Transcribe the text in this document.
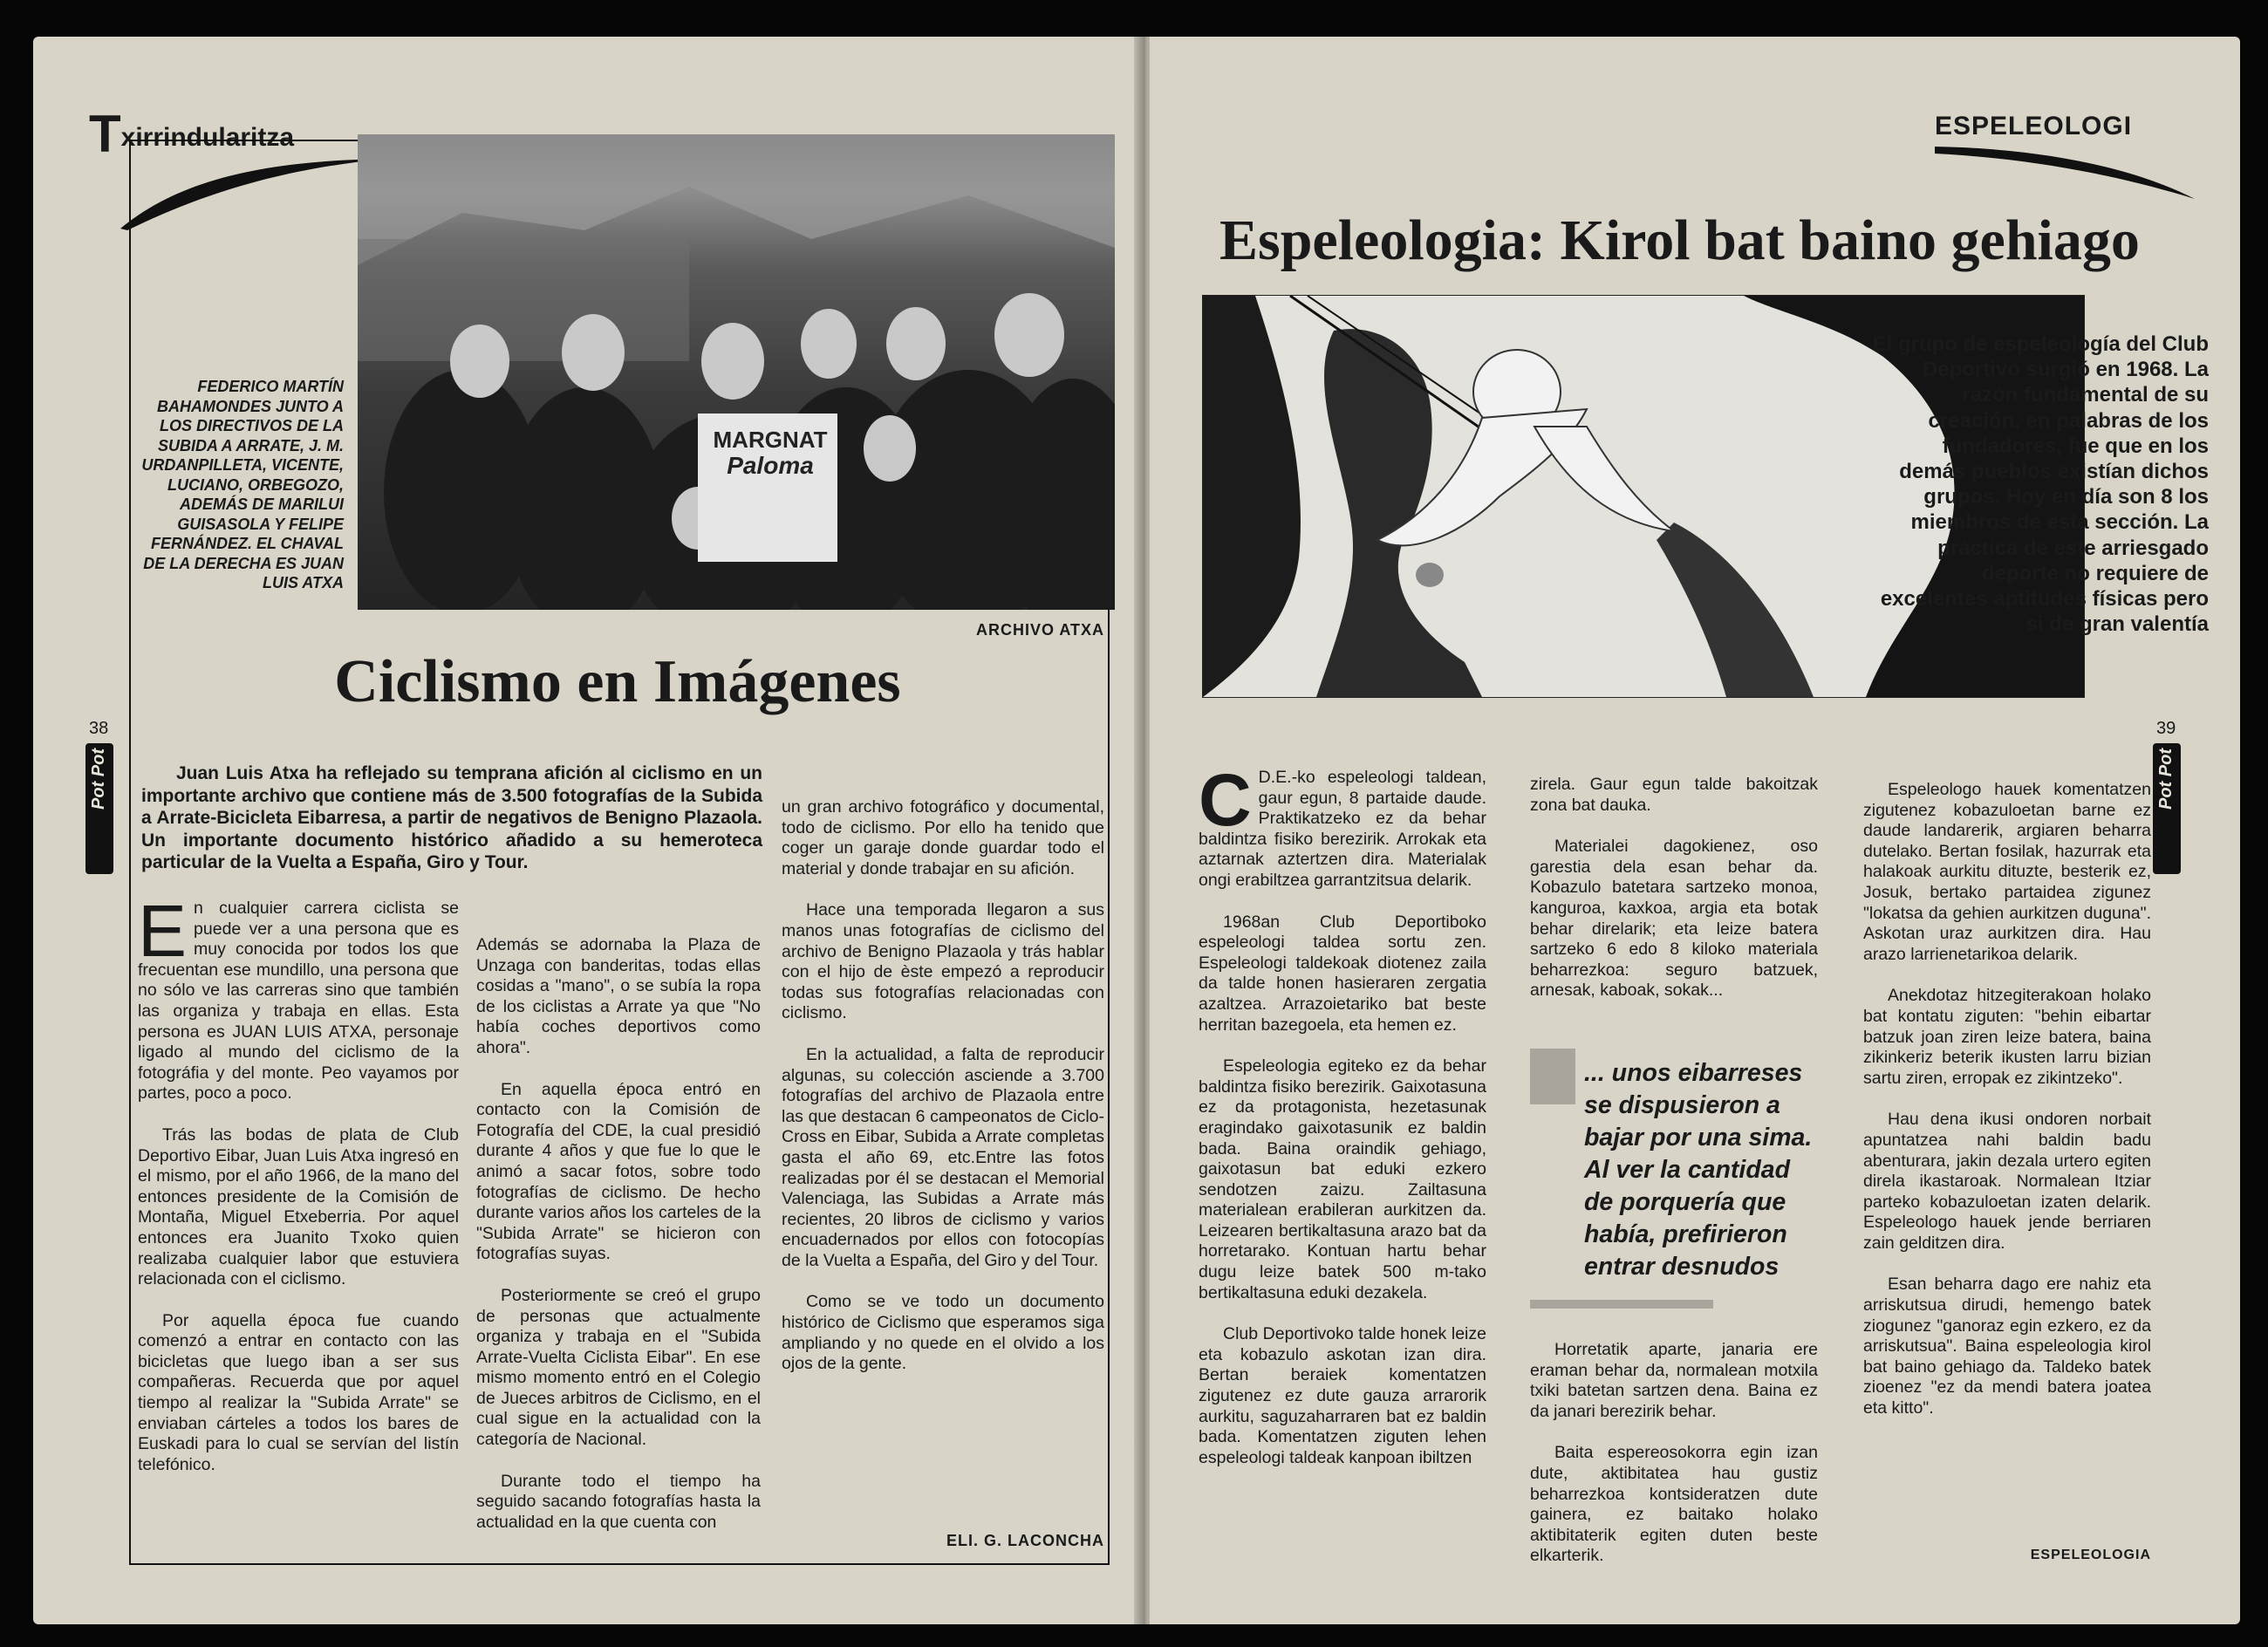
Txirrindularitza
MARGNAT
Paloma
FEDERICO MARTÍN BAHAMONDES JUNTO A LOS DIRECTIVOS DE LA SUBIDA A ARRATE, J. M. URDANPILLETA, VICENTE, LUCIANO, ORBEGOZO, ADEMÁS DE MARILUI GUISASOLA Y FELIPE FERNÁNDEZ. EL CHAVAL DE LA DERECHA ES JUAN LUIS ATXA
ARCHIVO ATXA
Ciclismo en Imágenes
38
Pot Pot	Juan Luis Atxa ha reflejado su temprana afición al ciclismo en un importante archivo que contiene más de 3.500 fotografías de la Subida a Arrate-Bicicleta Eibarresa, a partir de negativos de Benigno Plazaola. Un importante documento histórico añadido a su hemeroteca particular de la Vuelta a España, Giro y Tour.

En cualquier carrera ciclista se puede ver a una persona que es muy conocida por todos los que frecuentan ese mundillo, una persona que no sólo ve las carreras sino que también las organiza y trabaja en ellas. Esta persona es JUAN LUIS ATXA, personaje ligado al mundo del ciclismo de la fotográfia y del monte. Peo vayamos por partes, poco a poco.

Trás las bodas de plata de Club Deportivo Eibar, Juan Luis Atxa ingresó en el mismo, por el año 1966, de la mano del entonces presidente de la Comisión de Montaña, Miguel Etxeberria. Por aquel entonces era Juanito Txoko quien realizaba cualquier labor que estuviera relacionada con el ciclismo.

Por aquella época fue cuando comenzó a entrar en contacto con las bicicletas que luego iban a ser sus compañeras. Recuerda que por aquel tiempo al realizar la "Subida Arrate" se enviaban cárteles a todos los bares de Euskadi para lo cual se servían del listín telefónico.

Además se adornaba la Plaza de Unzaga con banderitas, todas ellas cosidas a "mano", o se subía la ropa de los ciclistas a Arrate ya que "No había coches deportivos como ahora".

En aquella época entró en contacto con la Comisión de Fotografía del CDE, la cual presidió durante 4 años y que fue lo que le animó a sacar fotos, sobre todo fotografías de ciclismo. De hecho durante varios años los carteles de la "Subida Arrate" se hicieron con fotografías suyas.

Posteriormente se creó el grupo de personas que actualmente organiza y trabaja en el "Subida Arrate-Vuelta Ciclista Eibar". En ese mismo momento entró en el Colegio de Jueces arbitros de Ciclismo, en el cual sigue en la actualidad con la categoría de Nacional.

Durante todo el tiempo ha seguido sacando fotografías hasta la actualidad en la que cuenta con

un gran archivo fotográfico y documental, todo de ciclismo. Por ello ha tenido que coger un garaje donde guardar todo el material y donde trabajar en su afición.

Hace una temporada llegaron a sus manos unas fotografías de ciclismo del archivo de Benigno Plazaola y trás hablar con el hijo de èste empezó a reproducir todas sus fotografías relacionadas con ciclismo.

En la actualidad, a falta de reproducir algunas, su colección asciende a 3.700 fotografías del archivo de Plazaola entre las que destacan 6 campeonatos de Ciclo-Cross en Eibar, Subida a Arrate completas gasta el año 69, etc.Entre las fotos realizadas por él se destacan el Memorial Valenciaga, las Subidas a Arrate más recientes, 20 libros de ciclismo y varios encuadernados por ellos con fotocopías de la Vuelta a España, del Giro y del Tour.

Como se ve todo un documento histórico de Ciclismo que esperamos siga ampliando y no quede en el olvido a los ojos de la gente.

ELI. G. LACONCHA
ESPELEOLOGI
Espeleologia: Kirol bat baino gehiago
El grupo de espeleología del Club Deportivo surgió en 1968. La razón fundamental de su creación, en palabras de los fundadores, fue que en los demás pueblos existían dichos grupos. Hoy en día son 8 los miembros de esta sección. La práctica de este arriesgado deporte no requiere de excelentes aptitudes físicas pero si de gran valentía
39
Pot Pot

C D.E.-ko espeleologi taldean, gaur egun, 8 partaide daude. Praktikatzeko ez da behar baldintza fisiko berezirik. Arrokak eta aztarnak aztertzen dira. Materialak ongi erabiltzea garrantzitsua delarik.

1968an Club Deportiboko espeleologi taldea sortu zen. Espeleologi taldekoak diotenez zaila da talde honen hasieraren zergatia azaltzea. Arrazoietariko bat beste herritan bazegoela, eta hemen ez.

Espeleologia egiteko ez da behar baldintza fisiko berezirik. Gaixotasuna ez da protagonista, hezetasunak eragindako gaixotasunik ez baldin bada. Baina oraindik gehiago, gaixotasun bat eduki ezkero sendotzen zaizu. Zailtasuna materialean erabileran aurkitzen da. Leizearen bertikaltasuna arazo bat da horretarako. Kontuan hartu behar dugu leize batek 500 m-tako bertikaltasuna eduki dezakela.

Club Deportivoko talde honek leize eta kobazulo askotan izan dira. Bertan beraiek komentatzen zigutenez ez dute gauza arrarorik aurkitu, saguzaharraren bat ez baldin bada. Komentatzen ziguten lehen espeleologi taldeak kanpoan ibiltzen

zirela. Gaur egun talde bakoitzak zona bat dauka.

Materialei dagokienez, oso garestia dela esan behar da. Kobazulo batetara sartzeko monoa, kanguroa, kaxkoa, argia eta botak behar direlarik; eta leize batera sartzeko 6 edo 8 kiloko materiala beharrezkoa: seguro batzuek, arnesak, kaboak, sokak...

... unos eibarreses se dispusieron a bajar por una sima. Al ver la cantidad de porquería que había, prefirieron entrar desnudos

Horretatik aparte, janaria ere eraman behar da, normalean motxila txiki batetan sartzen dena. Baina ez da janari berezirik behar.

Baita espereosokorra egin izan dute, aktibitatea hau gustiz beharrezkoa kontsideratzen dute gainera, ez baitako holako aktibitaterik egiten duten beste elkarterik.

Espeleologo hauek komentatzen zigutenez kobazuloetan barne ez daude landarerik, argiaren beharra dutelako. Bertan fosilak, hazurrak eta halakoak aurkitu dituzte, besterik ez, Josuk, bertako partaidea zigunez "lokatsa da gehien aurkitzen duguna". Askotan uraz aurkitzen dira. Hau arazo larrienetarikoa delarik.

Anekdotaz hitzegiterakoan holako bat kontatu ziguten: "behin eibartar batzuk joan ziren leize batera, baina zikinkeriz beterik ikusten larru bizian sartu ziren, erropak ez zikintzeko".

Hau dena ikusi ondoren norbait apuntatzea nahi baldin badu abenturara, jakin dezala urtero egiten direla ikastaroak. Normalean Itziar parteko kobazuloetan izaten delarik. Espeleologo hauek jende berriaren zain gelditzen dira.

Esan beharra dago ere nahiz eta arriskutsua dirudi, hemengo batek ziogunez "ganoraz egin ezkero, ez da arriskutsua". Baina espeleologia kirol bat baino gehiago da. Taldeko batek zioenez "ez da mendi batera joatea eta kitto".

ESPELEOLOGIA
